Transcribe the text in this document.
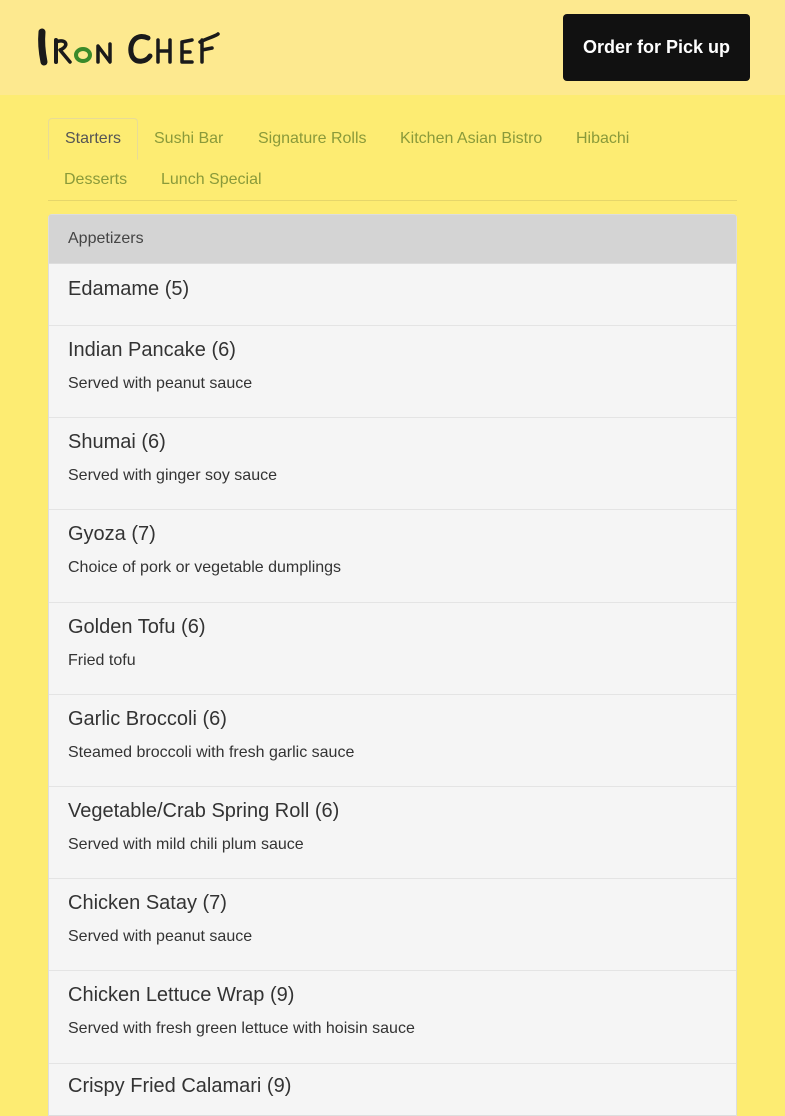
Order for Pick up
Starters	Sushi Bar Signature Rolls Kitchen Asian Bistro Hibachi
Desserts Lunch Special
Appetizers
Edamame (5)
Indian Pancake (6)
Served with peanut sauce
Shumai (6)
Served with ginger soy sauce
Gyoza (7)
Choice of pork or vegetable dumplings
Golden Tofu (6)
Fried tofu
Garlic Broccoli (6)
Steamed broccoli with fresh garlic sauce
Vegetable/Crab Spring Roll (6)
Served with mild chili plum sauce
Chicken Satay (7)
Served with peanut sauce
Chicken Lettuce Wrap (9)
Served with fresh green lettuce with hoisin sauce
Crispy Fried Calamari (9)
